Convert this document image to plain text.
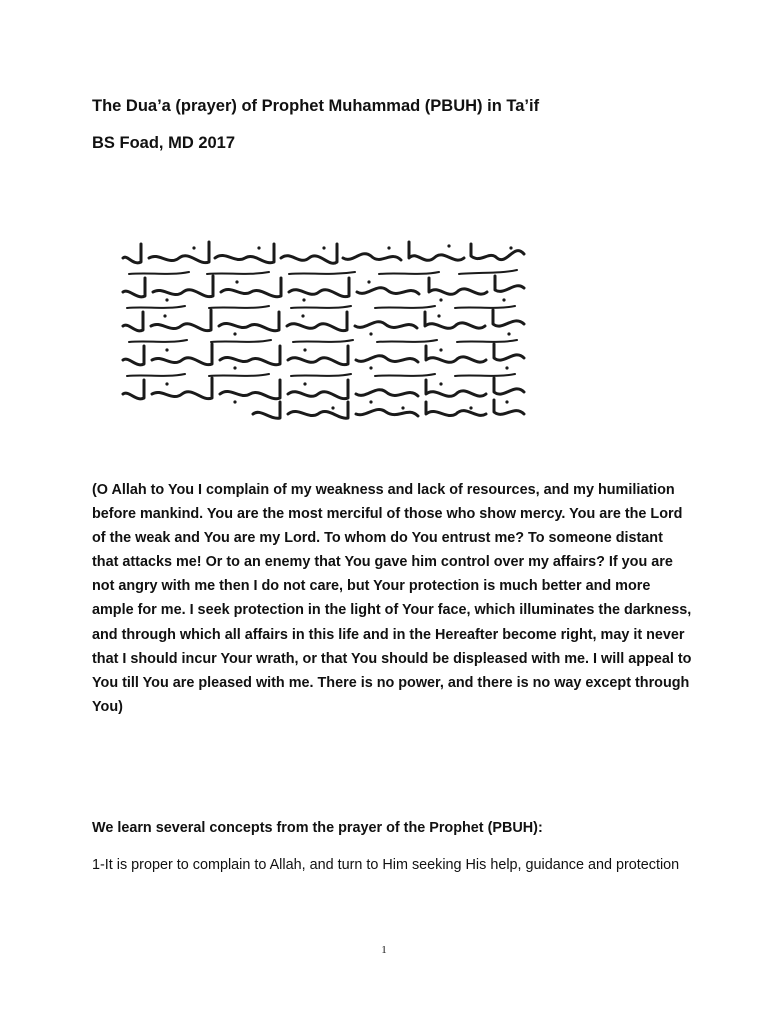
The Dua’a (prayer) of Prophet Muhammad (PBUH) in Ta’if

BS Foad, MD 2017

(O Allah to You I complain of my weakness and lack of resources, and my humiliation before mankind. You are the most merciful of those who show mercy. You are the Lord of the weak and You are my Lord. To whom do You entrust me? To someone distant that attacks me! Or to an enemy that You gave him control over my affairs? If you are not angry with me then I do not care, but Your protection is much better and more ample for me. I seek protection in the light of Your face, which illuminates the darkness, and through which all affairs in this life and in the Hereafter become right, may it never that I should incur Your wrath, or that You should be displeased with me. I will appeal to You till You are pleased with me. There is no power, and there is no way except through You)

We learn several concepts from the prayer of the Prophet (PBUH):

1-It is proper to complain to Allah, and turn to Him seeking His help, guidance and protection

1
